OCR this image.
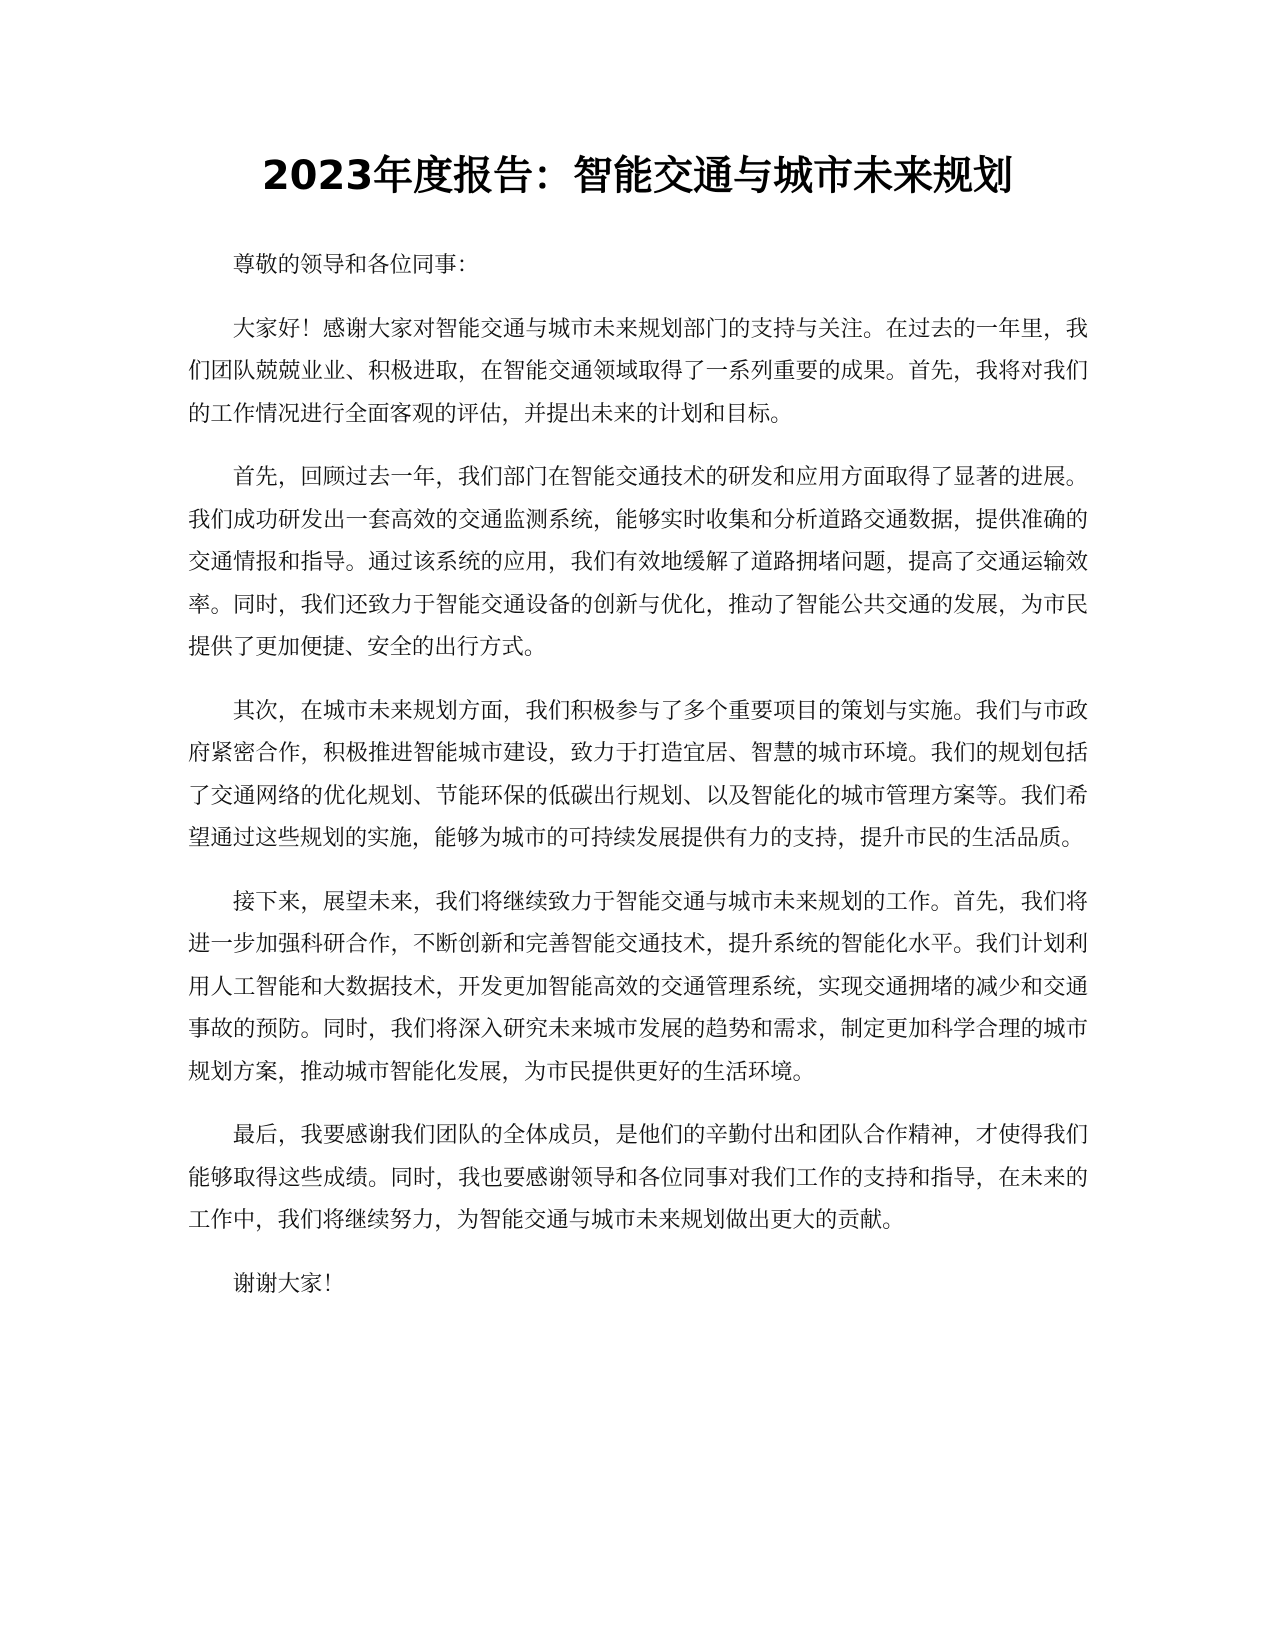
2023年度报告：智能交通与城市未来规划

尊敬的领导和各位同事：

大家好！感谢大家对智能交通与城市未来规划部门的支持与关注。在过去的一年里，我们团队兢兢业业、积极进取，在智能交通领域取得了一系列重要的成果。首先，我将对我们的工作情况进行全面客观的评估，并提出未来的计划和目标。

首先，回顾过去一年，我们部门在智能交通技术的研发和应用方面取得了显著的进展。我们成功研发出一套高效的交通监测系统，能够实时收集和分析道路交通数据，提供准确的交通情报和指导。通过该系统的应用，我们有效地缓解了道路拥堵问题，提高了交通运输效率。同时，我们还致力于智能交通设备的创新与优化，推动了智能公共交通的发展，为市民提供了更加便捷、安全的出行方式。

其次，在城市未来规划方面，我们积极参与了多个重要项目的策划与实施。我们与市政府紧密合作，积极推进智能城市建设，致力于打造宜居、智慧的城市环境。我们的规划包括了交通网络的优化规划、节能环保的低碳出行规划、以及智能化的城市管理方案等。我们希望通过这些规划的实施，能够为城市的可持续发展提供有力的支持，提升市民的生活品质。

接下来，展望未来，我们将继续致力于智能交通与城市未来规划的工作。首先，我们将进一步加强科研合作，不断创新和完善智能交通技术，提升系统的智能化水平。我们计划利用人工智能和大数据技术，开发更加智能高效的交通管理系统，实现交通拥堵的减少和交通事故的预防。同时，我们将深入研究未来城市发展的趋势和需求，制定更加科学合理的城市规划方案，推动城市智能化发展，为市民提供更好的生活环境。

最后，我要感谢我们团队的全体成员，是他们的辛勤付出和团队合作精神，才使得我们能够取得这些成绩。同时，我也要感谢领导和各位同事对我们工作的支持和指导，在未来的工作中，我们将继续努力，为智能交通与城市未来规划做出更大的贡献。

谢谢大家！
